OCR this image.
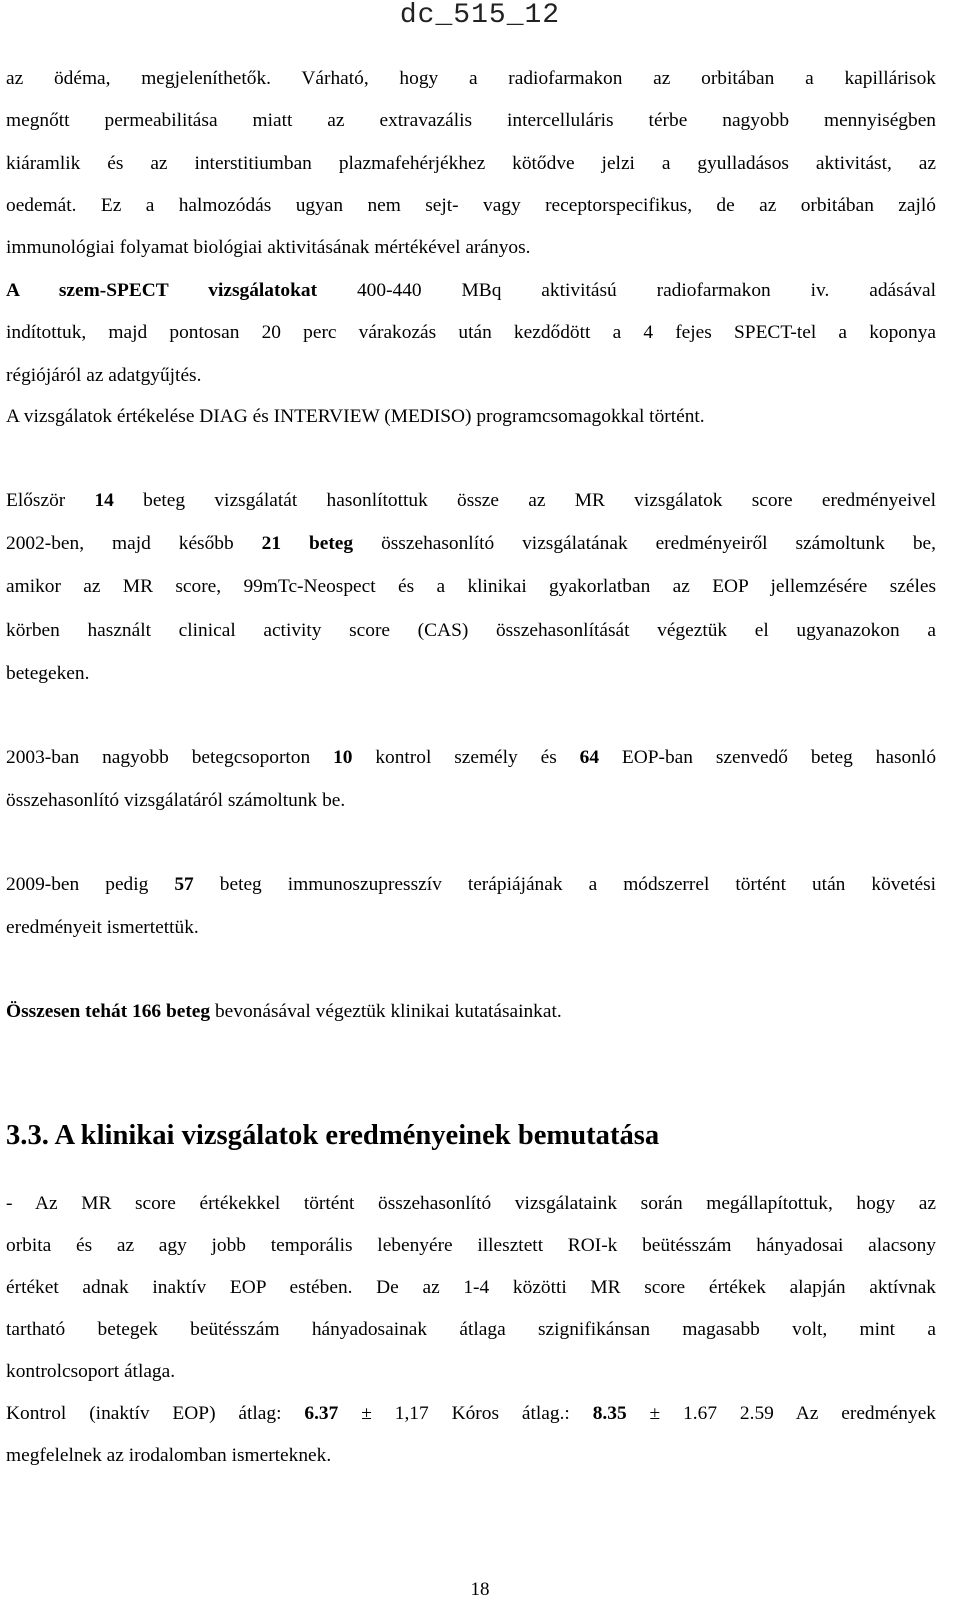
dc_515_12

az ödéma, megjeleníthetők. Várható, hogy a radiofarmakon az orbitában a kapillárisok

megnőtt permeabilitása miatt az extravazális intercelluláris térbe nagyobb mennyiségben

kiáramlik és az interstitiumban plazmafehérjékhez kötődve jelzi a gyulladásos aktivitást, az

oedemát. Ez a halmozódás ugyan nem sejt- vagy receptorspecifikus, de az orbitában zajló

immunológiai folyamat biológiai aktivitásának mértékével arányos.

A szem-SPECT vizsgálatokat 400-440 MBq aktivitású radiofarmakon iv. adásával

indítottuk, majd pontosan 20 perc várakozás után kezdődött a 4 fejes SPECT-tel a koponya

régiójáról az adatgyűjtés.

A vizsgálatok értékelése DIAG és INTERVIEW (MEDISO) programcsomagokkal történt.

Először 14 beteg vizsgálatát hasonlítottuk össze az MR vizsgálatok score eredményeivel

2002-ben, majd később 21 beteg összehasonlító vizsgálatának eredményeiről számoltunk be,

amikor az MR score, 99mTc-Neospect és a klinikai gyakorlatban az EOP jellemzésére széles

körben használt clinical activity score (CAS) összehasonlítását végeztük el ugyanazokon a

betegeken.

2003-ban nagyobb betegcsoporton 10 kontrol személy és 64 EOP-ban szenvedő beteg hasonló

összehasonlító vizsgálatáról számoltunk be.

2009-ben pedig 57 beteg immunoszupresszív terápiájának a módszerrel történt után követési

eredményeit ismertettük.

Összesen tehát 166 beteg bevonásával végeztük klinikai kutatásainkat.

3.3. A klinikai vizsgálatok eredményeinek bemutatása

- Az MR score értékekkel történt összehasonlító vizsgálataink során megállapítottuk, hogy az

orbita és az agy jobb temporális lebenyére illesztett ROI-k beütésszám hányadosai alacsony

értéket adnak inaktív EOP estében. De az 1-4 közötti MR score értékek alapján aktívnak

tartható betegek beütésszám hányadosainak átlaga szignifikánsan magasabb volt, mint a

kontrolcsoport átlaga.

Kontrol (inaktív EOP) átlag: 6.37 ± 1,17 Kóros átlag.: 8.35 ± 1.67 2.59 Az eredmények

megfelelnek az irodalomban ismerteknek.

18
